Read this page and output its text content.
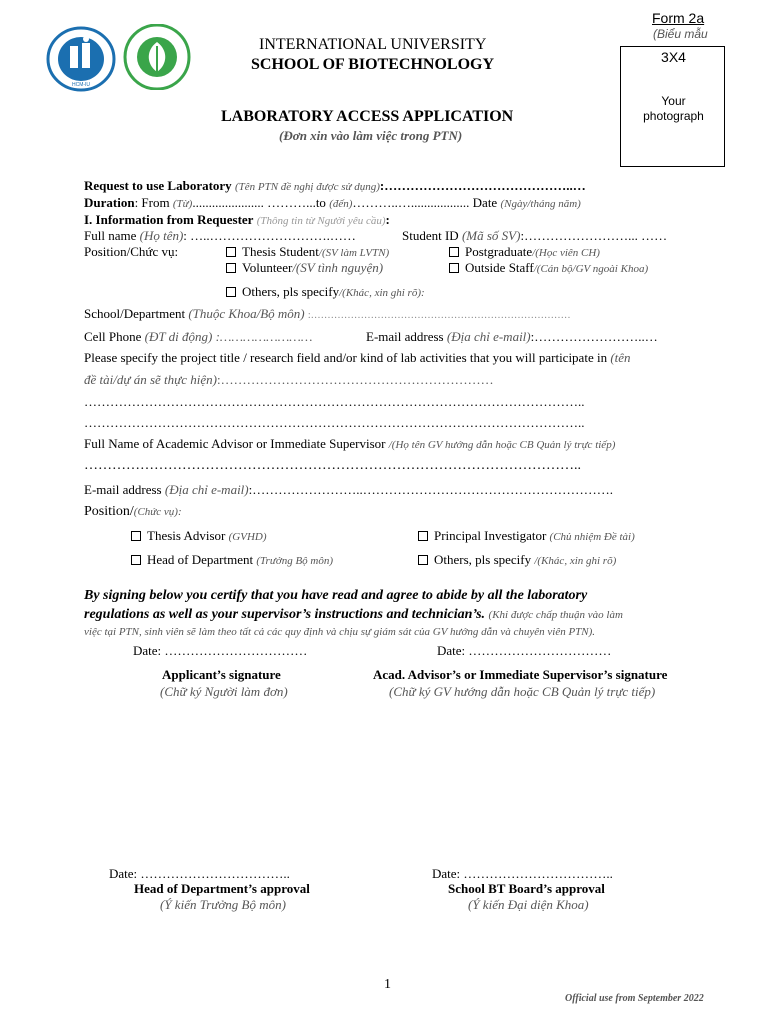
HCM-IU
Form 2a
(Biểu mẫu
INTERNATIONAL UNIVERSITY
SCHOOL OF BIOTECHNOLOGY	3X4
Your
photograph
LABORATORY ACCESS APPLICATION
(Đơn xin vào làm việc trong PTN)
Request to use Laboratory (Tên PTN đề nghị được sử dụng):……………………………………..…
Duration: From (Từ)...................... ………...to (đến)………..….................. Date (Ngày/tháng năm)
I. Information from Requester (Thông tin từ Người yêu cầu):
Full name (Họ tên): …..……………………….……	Student ID (Mã số SV):……………………... ……
Position/Chức vụ:	Thesis Student/(SV làm LVTN)	Postgraduate/(Học viên CH)
Volunteer/(SV tình nguyện)	Outside Staff/(Cán bộ/GV ngoài Khoa)
Others, pls specify/(Khác, xin ghi rõ):
School/Department (Thuộc Khoa/Bộ môn) :……………………………………………………………………
Cell Phone (ĐT di động) :……………………	E-mail address (Địa chỉ e-mail):……………………..…
Please specify the project title / research field and/or kind of lab activities that you will participate in (tên
đề tài/dự án sẽ thực hiện):………………………………………………………
……………………………………………………………………………………………………..
……………………………………………………………………………………………………..
Full Name of Academic Advisor or Immediate Supervisor /(Họ tên GV hướng dẫn hoặc CB Quản lý trực tiếp)
……………………………………………………………………………………………..
E-mail address (Địa chỉ e-mail):……………………..………………………………………………….
Position/(Chức vụ):
Thesis Advisor (GVHD)	Principal Investigator (Chủ nhiệm Đề tài)
Head of Department (Trưởng Bộ môn)	Others, pls specify /(Khác, xin ghi rõ)
By signing below you certify that you have read and agree to abide by all the laboratory
regulations as well as your supervisor’s instructions and technician’s. (Khi được chấp thuận vào làm
việc tại PTN, sinh viên sẽ làm theo tất cả các quy định và chịu sự giám sát của GV hướng dẫn và chuyên viên PTN).
Date: ……………………………	Date: ……………………………
Applicant’s signature
(Chữ ký Người làm đơn)
Acad. Advisor’s or Immediate Supervisor’s signature
(Chữ ký GV hướng dẫn hoặc CB Quản lý trực tiếp)
Date: ……………………………..	Date: ……………………………..
Head of Department’s approval
(Ý kiến Trưởng Bộ môn)
School BT Board’s approval
(Ý kiến Đại diện Khoa)
1
Official use from September 2022
